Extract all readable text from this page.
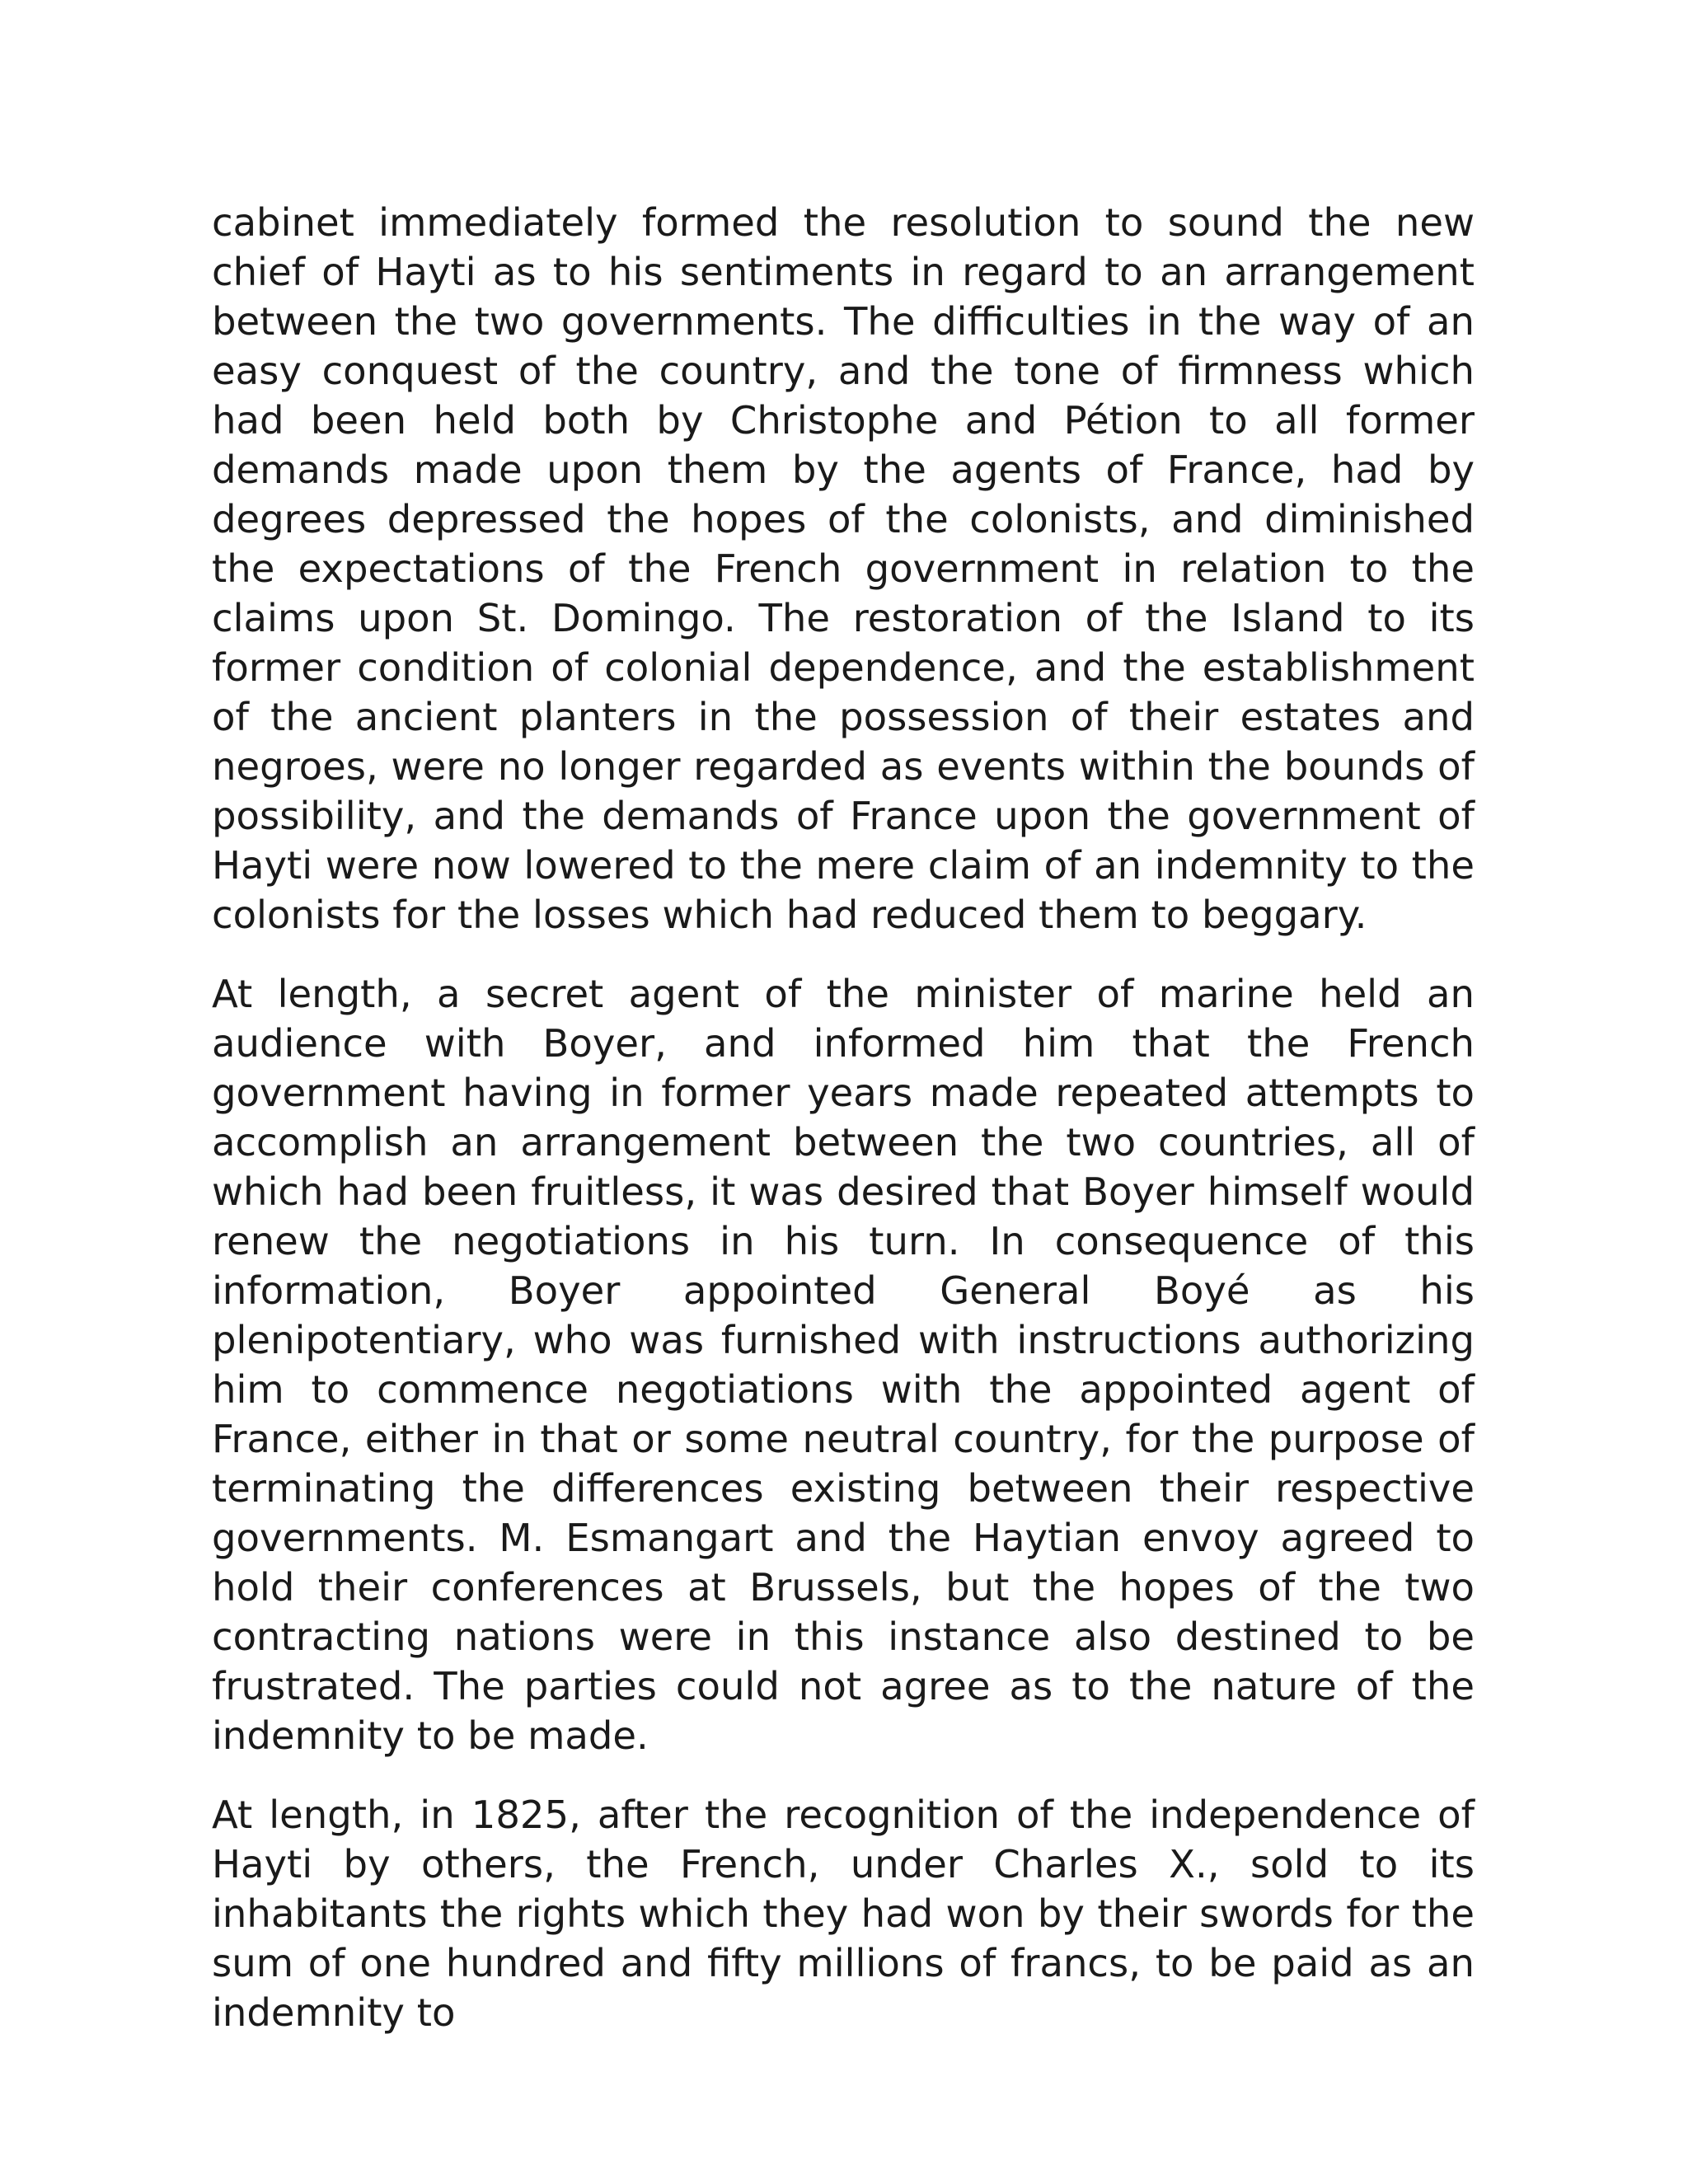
cabinet immediately formed the resolution to sound the new chief of Hayti as to his sentiments in regard to an arrangement between the two governments. The difficulties in the way of an easy conquest of the country, and the tone of firmness which had been held both by Christophe and Pétion to all former demands made upon them by the agents of France, had by degrees depressed the hopes of the colonists, and diminished the expectations of the French government in relation to the claims upon St. Domingo. The restoration of the Island to its former condition of colonial dependence, and the establishment of the ancient planters in the possession of their estates and negroes, were no longer regarded as events within the bounds of possibility, and the demands of France upon the government of Hayti were now lowered to the mere claim of an indemnity to the colonists for the losses which had reduced them to beggary.

At length, a secret agent of the minister of marine held an audience with Boyer, and informed him that the French government having in former years made repeated attempts to accomplish an arrangement between the two countries, all of which had been fruitless, it was desired that Boyer himself would renew the negotiations in his turn. In consequence of this information, Boyer appointed General Boyé as his plenipotentiary, who was furnished with instructions authorizing him to commence negotiations with the appointed agent of France, either in that or some neutral country, for the purpose of terminating the differences existing between their respective governments. M. Esmangart and the Haytian envoy agreed to hold their conferences at Brussels, but the hopes of the two contracting nations were in this instance also destined to be frustrated. The parties could not agree as to the nature of the indemnity to be made.

At length, in 1825, after the recognition of the independence of Hayti by others, the French, under Charles X., sold to its inhabitants the rights which they had won by their swords for the sum of one hundred and fifty millions of francs, to be paid as an indemnity to
